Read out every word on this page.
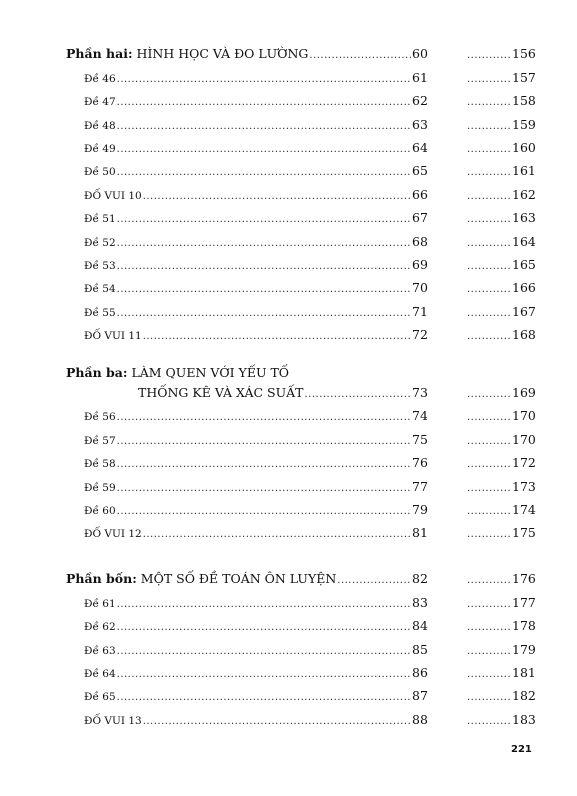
Phần hai: HÌNH HỌC VÀ ĐO LƯỜNG .....	60 .....	156
Đề 46 .....	61 .....	157
Đề 47 .....	62 .....	158
Đề 48 .....	63 .....	159
Đề 49 .....	64 .....	160
Đề 50 .....	65 .....	161
ĐỐ VUI 10 .....	66 .....	162
Đề 51 .....	67 .....	163
Đề 52 .....	68 .....	164
Đề 53 .....	69 .....	165
Đề 54 .....	70 .....	166
Đề 55 .....	71 .....	167
ĐỐ VUI 11 .....	72 .....	168
Phần ba: LÀM QUEN VỚI YẾU TỐ
THỐNG KÊ VÀ XÁC SUẤT .....	73 .....	169
Đề 56 .....	74 .....	170
Đề 57 .....	75 .....	170
Đề 58 .....	76 .....	172
Đề 59 .....	77 .....	173
Đề 60 .....	79 .....	174
ĐỐ VUI 12 .....	81 .....	175
Phần bốn: MỘT SỐ ĐỀ TOÁN ÔN LUYỆN .....	82 .....	176
Đề 61 .....	83 .....	177
Đề 62 .....	84 .....	178
Đề 63 .....	85 .....	179
Đề 64 .....	86 .....	181
Đề 65 .....	87 .....	182
ĐỐ VUI 13 .....	88 .....	183
221
